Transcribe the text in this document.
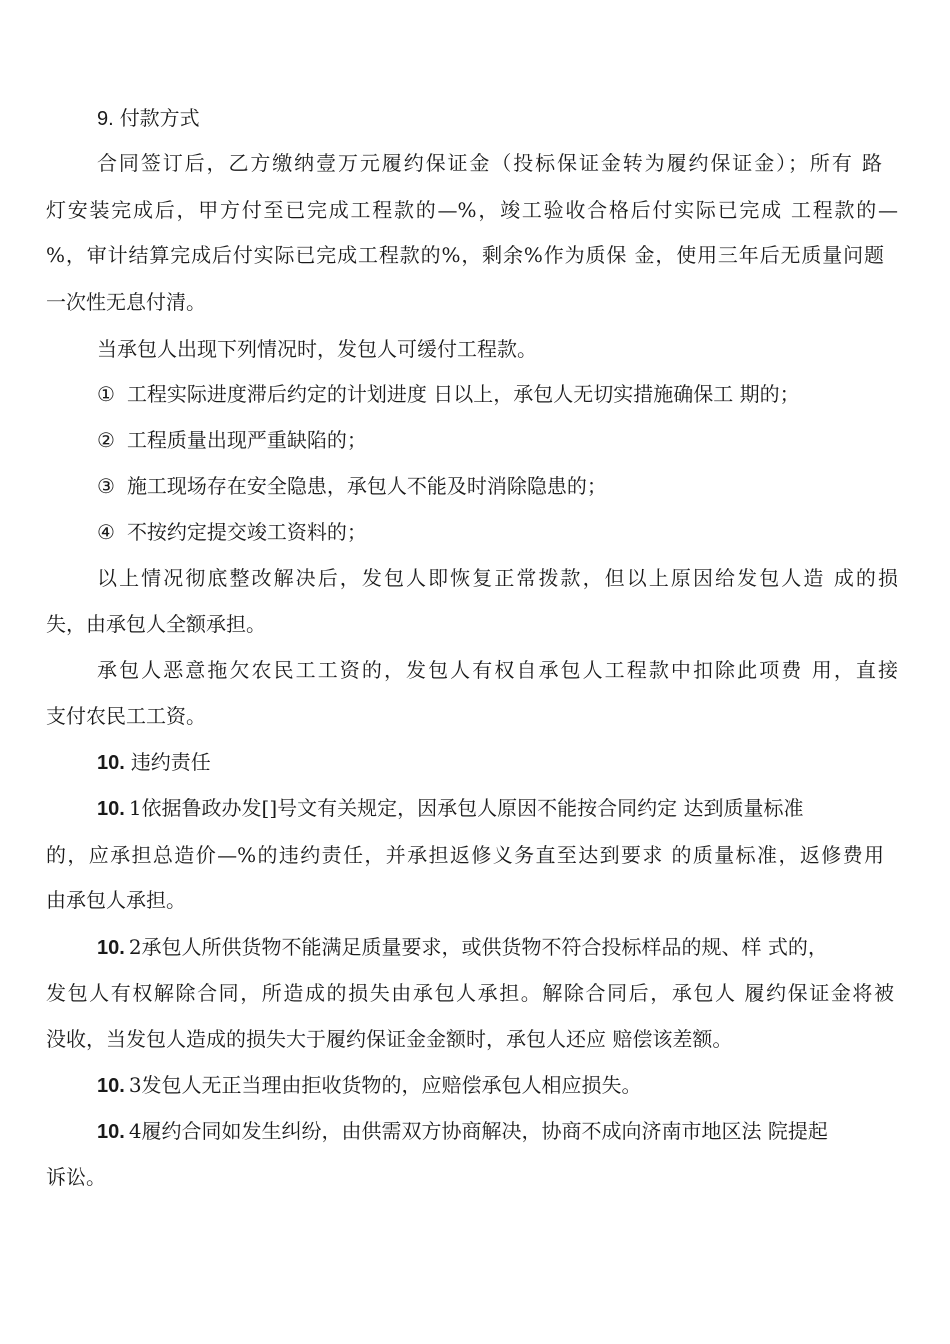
9. 付款方式

合同签订后，乙方缴纳壹万元履约保证金（投标保证金转为履约保证金）；所有 路

灯安装完成后，甲方付至已完成工程款的—%，竣工验收合格后付实际已完成 工程款的—

%，审计结算完成后付实际已完成工程款的%，剩余%作为质保 金，使用三年后无质量问题

一次性无息付清。

当承包人出现下列情况时，发包人可缓付工程款。

① 工程实际进度滞后约定的计划进度 日以上，承包人无切实措施确保工 期的；

② 工程质量出现严重缺陷的；

③ 施工现场存在安全隐患，承包人不能及时消除隐患的；

④ 不按约定提交竣工资料的；

以上情况彻底整改解决后，发包人即恢复正常拨款，但以上原因给发包人造 成的损

失，由承包人全额承担。

承包人恶意拖欠农民工工资的，发包人有权自承包人工程款中扣除此项费 用，直接

支付农民工工资。

10. 违约责任

10. 1依据鲁政办发[]号文有关规定，因承包人原因不能按合同约定 达到质量标准

的，应承担总造价—%的违约责任，并承担返修义务直至达到要求 的质量标准，返修费用

由承包人承担。

10. 2承包人所供货物不能满足质量要求，或供货物不符合投标样品的规、样 式的，

发包人有权解除合同，所造成的损失由承包人承担。解除合同后，承包人 履约保证金将被

没收，当发包人造成的损失大于履约保证金金额时，承包人还应 赔偿该差额。

10. 3发包人无正当理由拒收货物的，应赔偿承包人相应损失。

10. 4履约合同如发生纠纷，由供需双方协商解决，协商不成向济南市地区法 院提起

诉讼。
